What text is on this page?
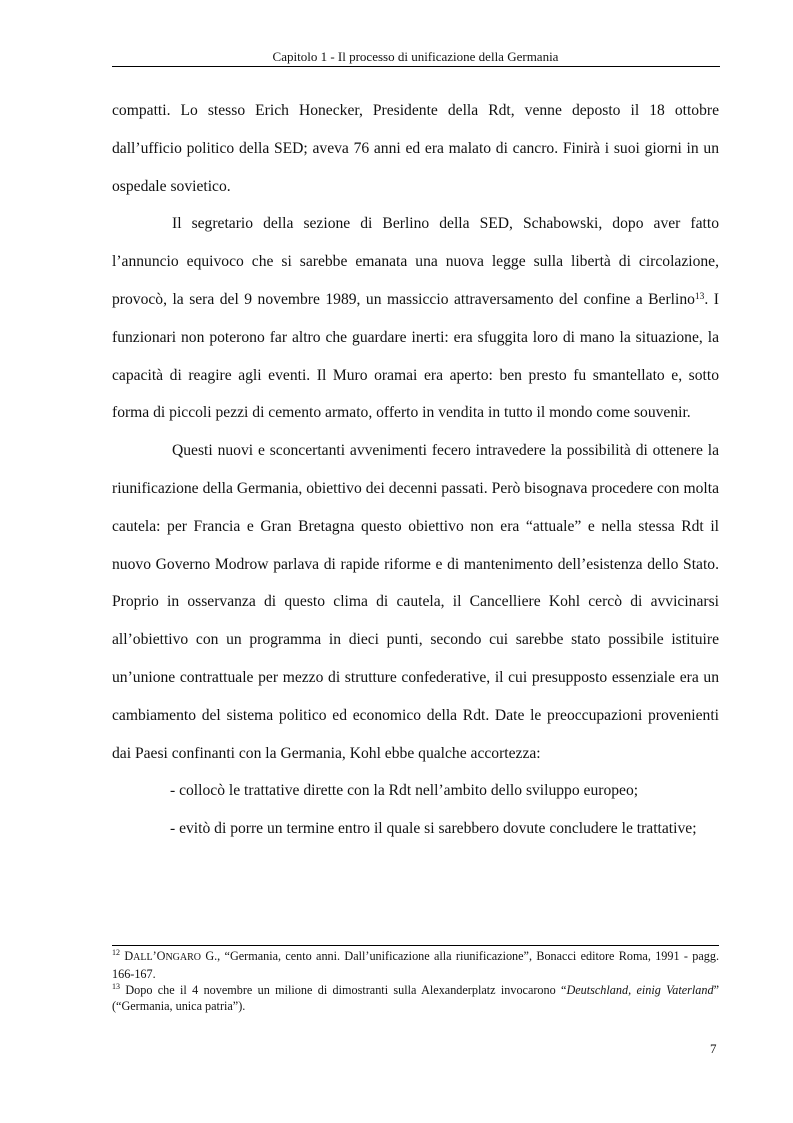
Capitolo 1 - Il processo di unificazione della Germania

compatti. Lo stesso Erich Honecker, Presidente della Rdt, venne deposto il 18 ottobre dall’ufficio politico della SED; aveva 76 anni ed era malato di cancro. Finirà i suoi giorni in un ospedale sovietico.

Il segretario della sezione di Berlino della SED, Schabowski, dopo aver fatto l’annuncio equivoco che si sarebbe emanata una nuova legge sulla libertà di circolazione, provocò, la sera del 9 novembre 1989, un massiccio attraversamento del confine a Berlino$^{13}$. I funzionari non poterono far altro che guardare inerti: era sfuggita loro di mano la situazione, la capacità di reagire agli eventi. Il Muro oramai era aperto: ben presto fu smantellato e, sotto forma di piccoli pezzi di cemento armato, offerto in vendita in tutto il mondo come souvenir.

Questi nuovi e sconcertanti avvenimenti fecero intravedere la possibilità di ottenere la riunificazione della Germania, obiettivo dei decenni passati. Però bisognava procedere con molta cautela: per Francia e Gran Bretagna questo obiettivo non era “attuale” e nella stessa Rdt il nuovo Governo Modrow parlava di rapide riforme e di mantenimento dell’esistenza dello Stato. Proprio in osservanza di questo clima di cautela, il Cancelliere Kohl cercò di avvicinarsi all’obiettivo con un programma in dieci punti, secondo cui sarebbe stato possibile istituire un’unione contrattuale per mezzo di strutture confederative, il cui presupposto essenziale era un cambiamento del sistema politico ed economico della Rdt. Date le preoccupazioni provenienti dai Paesi confinanti con la Germania, Kohl ebbe qualche accortezza:

- collocò le trattative dirette con la Rdt nell’ambito dello sviluppo europeo;

- evitò di porre un termine entro il quale si sarebbero dovute concludere le trattative;

$^{12}$ DALL’ONGARO G., “Germania, cento anni. Dall’unificazione alla riunificazione”, Bonacci editore Roma, 1991 - pagg. 166-167.

$^{13}$ Dopo che il 4 novembre un milione di dimostranti sulla Alexanderplatz invocarono “Deutschland, einig Vaterland” (“Germania, unica patria”).

7
